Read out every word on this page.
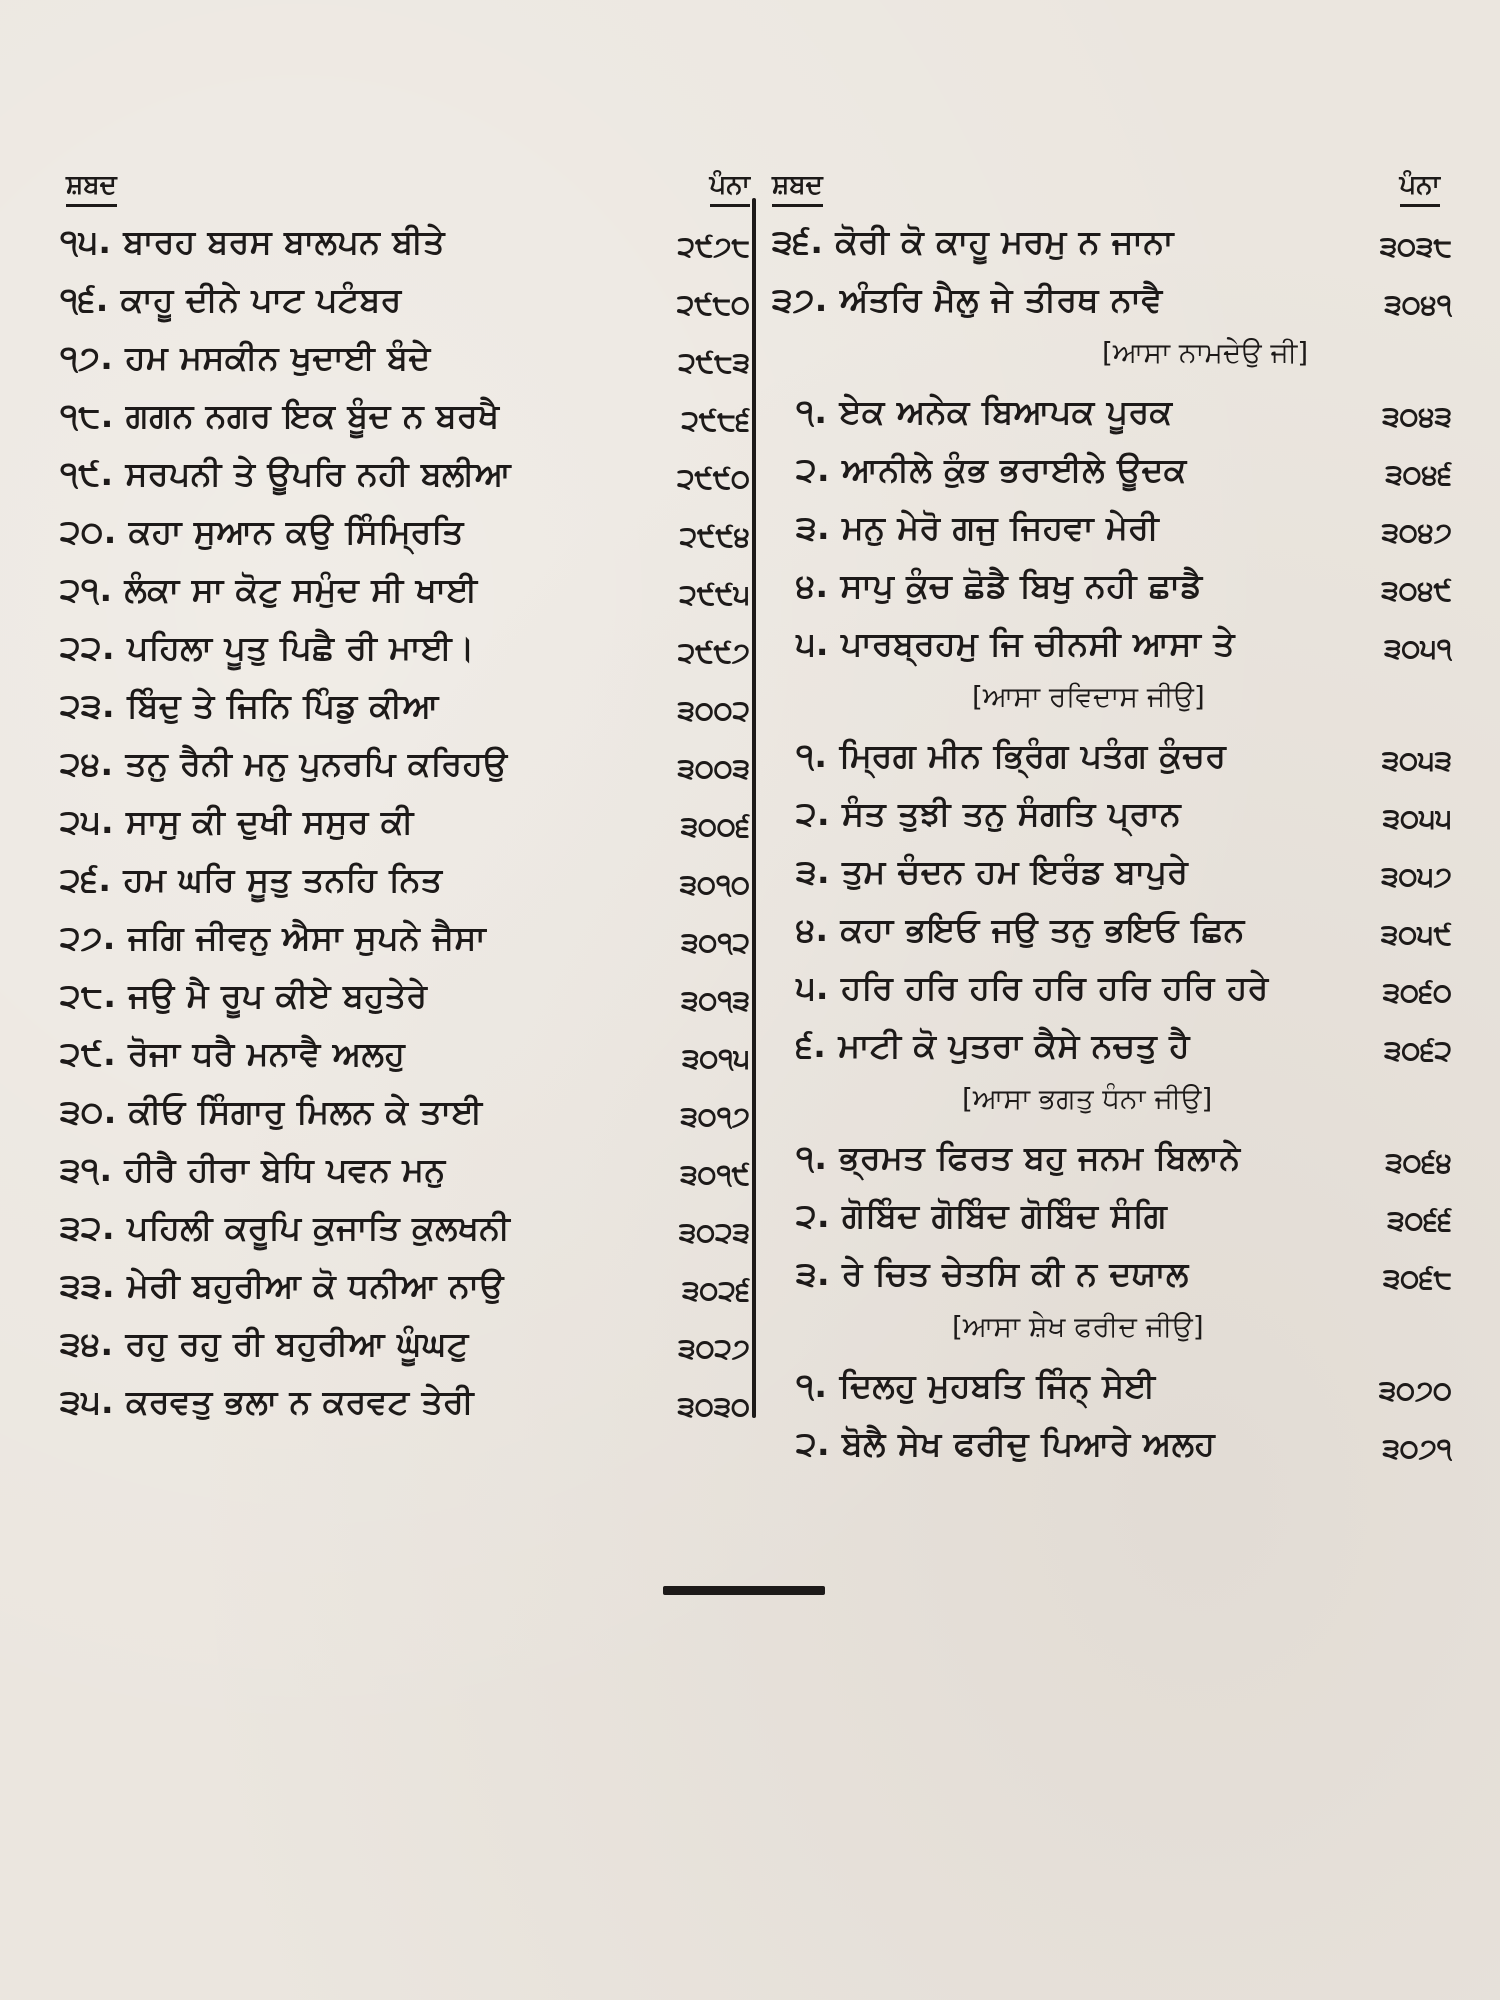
ਸ਼ਬਦ	ਪੰਨਾ
੧੫. ਬਾਰਹ ਬਰਸ ਬਾਲਪਨ ਬੀਤੇ	੨੯੭੮
੧੬. ਕਾਹੂ ਦੀਨੇ ਪਾਟ ਪਟੰਬਰ	੨੯੮੦
੧੭. ਹਮ ਮਸਕੀਨ ਖੁਦਾਈ ਬੰਦੇ	੨੯੮੩
੧੮. ਗਗਨ ਨਗਰ ਇਕ ਬੂੰਦ ਨ ਬਰਖੈ	੨੯੮੬
੧੯. ਸਰਪਨੀ ਤੇ ਊਪਰਿ ਨਹੀ ਬਲੀਆ	੨੯੯੦
੨੦. ਕਹਾ ਸੁਆਨ ਕਉ ਸਿੰਮ੍ਰਿਤਿ	੨੯੯੪
੨੧. ਲੰਕਾ ਸਾ ਕੋਟੁ ਸਮੁੰਦ ਸੀ ਖਾਈ	੨੯੯੫
੨੨. ਪਹਿਲਾ ਪੂਤੁ ਪਿਛੈ ਰੀ ਮਾਈ।	੨੯੯੭
੨੩. ਬਿੰਦੁ ਤੇ ਜਿਨਿ ਪਿੰਡੁ ਕੀਆ	੩੦੦੨
੨੪. ਤਨੁ ਰੈਨੀ ਮਨੁ ਪੁਨਰਪਿ ਕਰਿਹਉ	੩੦੦੩
੨੫. ਸਾਸੁ ਕੀ ਦੁਖੀ ਸਸੁਰ ਕੀ	੩੦੦੬
੨੬. ਹਮ ਘਰਿ ਸੂਤੁ ਤਨਹਿ ਨਿਤ	੩੦੧੦
੨੭. ਜਗਿ ਜੀਵਨੁ ਐਸਾ ਸੁਪਨੇ ਜੈਸਾ	੩੦੧੨
੨੮. ਜਉ ਮੈ ਰੂਪ ਕੀਏ ਬਹੁਤੇਰੇ	੩੦੧੩
੨੯. ਰੋਜਾ ਧਰੈ ਮਨਾਵੈ ਅਲਹੁ	੩੦੧੫
੩੦. ਕੀਓ ਸਿੰਗਾਰੁ ਮਿਲਨ ਕੇ ਤਾਈ	੩੦੧੭
੩੧. ਹੀਰੈ ਹੀਰਾ ਬੇਧਿ ਪਵਨ ਮਨੁ	੩੦੧੯
੩੨. ਪਹਿਲੀ ਕਰੂਪਿ ਕੁਜਾਤਿ ਕੁਲਖਨੀ	੩੦੨੩
੩੩. ਮੇਰੀ ਬਹੁਰੀਆ ਕੋ ਧਨੀਆ ਨਾਉ	੩੦੨੬
੩੪. ਰਹੁ ਰਹੁ ਰੀ ਬਹੁਰੀਆ ਘੂੰਘਟੁ	੩੦੨੭
੩੫. ਕਰਵਤੁ ਭਲਾ ਨ ਕਰਵਟ ਤੇਰੀ	੩੦੩੦
ਸ਼ਬਦ	ਪੰਨਾ
੩੬. ਕੋਰੀ ਕੋ ਕਾਹੂ ਮਰਮੁ ਨ ਜਾਨਾ	੩੦੩੮
੩੭. ਅੰਤਰਿ ਮੈਲੁ ਜੇ ਤੀਰਥ ਨਾਵੈ	੩੦੪੧
[ਆਸਾ ਨਾਮਦੇਉ ਜੀ]
੧. ਏਕ ਅਨੇਕ ਬਿਆਪਕ ਪੂਰਕ	੩੦੪੩
੨. ਆਨੀਲੇ ਕੁੰਭ ਭਰਾਈਲੇ ਊਦਕ	੩੦੪੬
੩. ਮਨੁ ਮੇਰੋ ਗਜੁ ਜਿਹਵਾ ਮੇਰੀ	੩੦੪੭
੪. ਸਾਪੁ ਕੁੰਚ ਛੋਡੈ ਬਿਖੁ ਨਹੀ ਛਾਡੈ	੩੦੪੯
੫. ਪਾਰਬ੍ਰਹਮੁ ਜਿ ਚੀਨਸੀ ਆਸਾ ਤੇ	੩੦੫੧
[ਆਸਾ ਰਵਿਦਾਸ ਜੀਉ]
੧. ਮ੍ਰਿਗ ਮੀਨ ਭ੍ਰਿੰਗ ਪਤੰਗ ਕੁੰਚਰ	੩੦੫੩
੨. ਸੰਤ ਤੁਝੀ ਤਨੁ ਸੰਗਤਿ ਪ੍ਰਾਨ	੩੦੫੫
੩. ਤੁਮ ਚੰਦਨ ਹਮ ਇਰੰਡ ਬਾਪੁਰੇ	੩੦੫੭
੪. ਕਹਾ ਭਇਓ ਜਉ ਤਨੁ ਭਇਓ ਛਿਨ	੩੦੫੯
੫. ਹਰਿ ਹਰਿ ਹਰਿ ਹਰਿ ਹਰਿ ਹਰਿ ਹਰੇ	੩੦੬੦
੬. ਮਾਟੀ ਕੋ ਪੁਤਰਾ ਕੈਸੇ ਨਚਤੁ ਹੈ	੩੦੬੨
[ਆਸਾ ਭਗਤੁ ਧੰਨਾ ਜੀਉ]
੧. ਭ੍ਰਮਤ ਫਿਰਤ ਬਹੁ ਜਨਮ ਬਿਲਾਨੇ	੩੦੬੪
੨. ਗੋਬਿੰਦ ਗੋਬਿੰਦ ਗੋਬਿੰਦ ਸੰਗਿ	੩੦੬੬
੩. ਰੇ ਚਿਤ ਚੇਤਸਿ ਕੀ ਨ ਦਯਾਲ	੩੦੬੮
[ਆਸਾ ਸ਼ੇਖ ਫਰੀਦ ਜੀਉ]
੧. ਦਿਲਹੁ ਮੁਹਬਤਿ ਜਿੰਨ੍ ਸੇਈ	੩੦੭੦
੨. ਬੋਲੈ ਸੇਖ ਫਰੀਦੁ ਪਿਆਰੇ ਅਲਹ	੩੦੭੧
